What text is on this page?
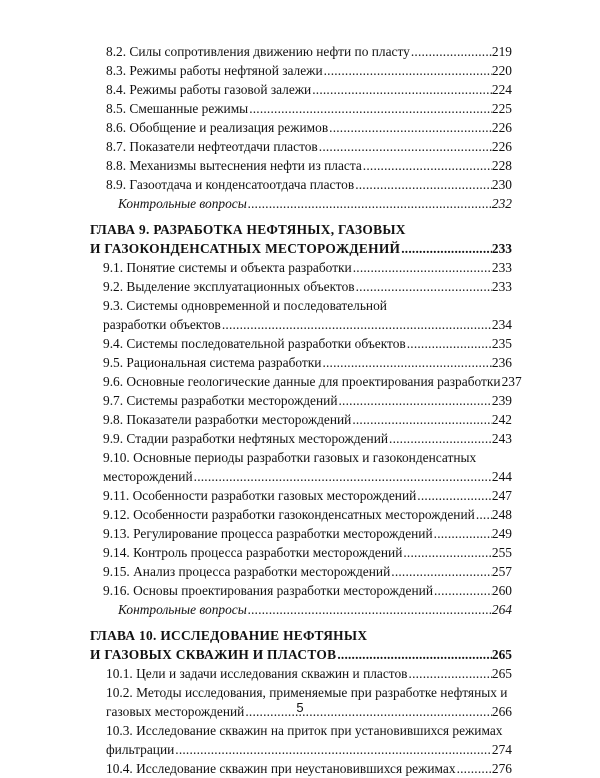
8.2. Силы сопротивления движению нефти по пласту .....	219
8.3. Режимы работы нефтяной залежи .....	220
8.4. Режимы работы газовой залежи .....	224
8.5. Смешанные режимы .....	225
8.6. Обобщение и реализация режимов .....	226
8.7. Показатели нефтеотдачи пластов .....	226
8.8. Механизмы вытеснения нефти из пласта .....	228
8.9. Газоотдача и конденсатоотдача пластов .....	230
Контрольные вопросы .....	232
ГЛАВА 9. РАЗРАБОТКА НЕФТЯНЫХ, ГАЗОВЫХ
И ГАЗОКОНДЕНСАТНЫХ МЕСТОРОЖДЕНИЙ .....	233
9.1. Понятие системы и объекта разработки .....	233
9.2. Выделение эксплуатационных объектов .....	233
9.3. Системы одновременной и последовательной
разработки объектов .....	234
9.4. Системы последовательной разработки объектов .....	235
9.5. Рациональная система разработки .....	236
9.6. Основные геологические данные для проектирования разработки 237
9.7. Системы разработки месторождений .....	239
9.8. Показатели разработки месторождений .....	242
9.9. Стадии разработки нефтяных месторождений .....	243
9.10. Основные периоды разработки газовых и газоконденсатных
месторождений .....	244
9.11. Особенности разработки газовых месторождений .....	247
9.12. Особенности разработки газоконденсатных месторождений ..... 248
9.13. Регулирование процесса разработки месторождений .....	249
9.14. Контроль процесса разработки месторождений .....	255
9.15. Анализ процесса разработки месторождений .....	257
9.16. Основы проектирования разработки месторождений .....	260
Контрольные вопросы .....	264
ГЛАВА 10. ИССЛЕДОВАНИЕ НЕФТЯНЫХ
И ГАЗОВЫХ СКВАЖИН И ПЛАСТОВ .....	265
10.1. Цели и задачи исследования скважин и пластов .....	265
10.2. Методы исследования, применяемые при разработке нефтяных и
газовых месторождений .....	266
10.3. Исследование скважин на приток при установившихся режимах
фильтрации .....	274
10.4. Исследование скважин при неустановившихся режимах .....	276
5
